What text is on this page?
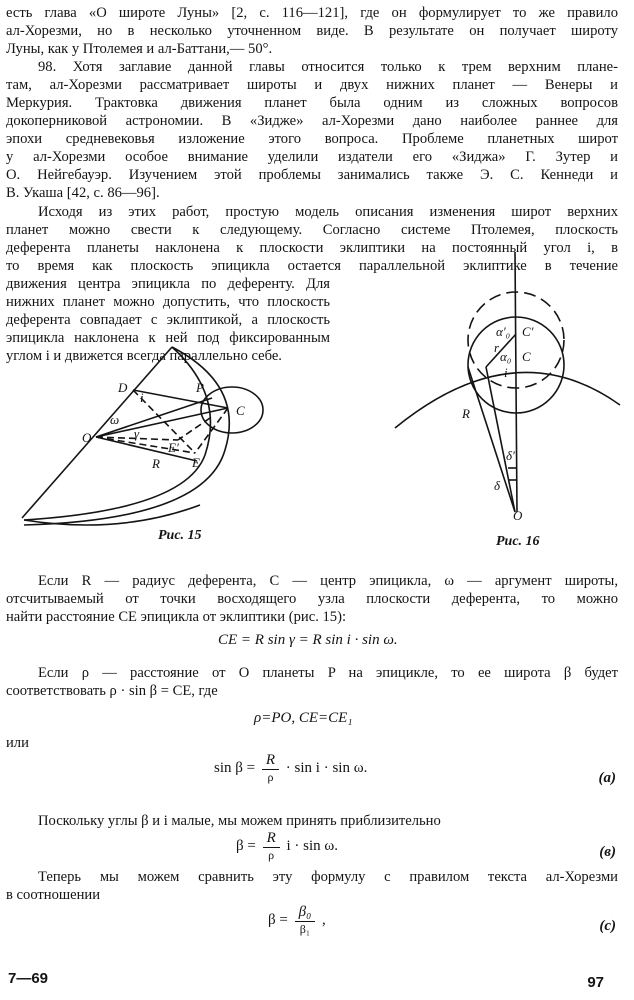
есть глава «О широте Луны» [2, с. 116—121], где он формулирует то же правило
ал-Хорезми, но в несколько уточненном виде. В результате он получает широту
Луны, как у Птолемея и ал-Баттани,— 50°.
98. Хотя заглавие данной главы относится только к трем верхним плане-
там, ал-Хорезми рассматривает широты и двух нижних планет — Венеры и
Меркурия. Трактовка движения планет была одним из сложных вопросов
докоперниковой астрономии. В «Зидже» ал-Хорезми дано наиболее раннее для
эпохи средневековья изложение этого вопроса. Проблеме планетных широт
у ал-Хорезми особое внимание уделили издатели его «Зиджа» Г. Зутер и
О. Нейгебауэр. Изучением этой проблемы занимались также Э. С. Кеннеди и
В. Укаша [42, с. 86—96].
Исходя из этих работ, простую модель описания изменения широт верхних
планет можно свести к следующему. Согласно системе Птолемея, плоскость
деферента планеты наклонена к плоскости эклиптики на постоянный угол i, в
то время как плоскость эпицикла остается параллельной эклиптике в течение
движения центра эпицикла по деференту. Для
нижних планет можно допустить, что плоскость
деферента совпадает с эклиптикой, а плоскость
эпицикла наклонена к ней под фиксированным
углом i и движется всегда параллельно себе.
D	P
C
O
ω
i
γ
E′
E
R
Рис. 15
α′₀ C′
r
α₀ C
i
R
δ′
δ
O
Рис. 16
Если R — радиус деферента, C — центр эпицикла, ω — аргумент широты,
отсчитываемый от точки восходящего узла плоскости деферента, то можно
найти расстояние CE эпицикла от эклиптики (рис. 15):
CE = R sin γ = R sin i · sin ω.
Если ρ — расстояние от O планеты P на эпицикле, то ее широта β будет
соответствовать ρ · sin β = CE, где
ρ=PO, CE=CE₁
или
$\sin \beta = \frac{R}{\rho} \cdot \sin i \cdot \sin \omega$.
(a)
Поскольку углы β и i малые, мы можем принять приблизительно
$\beta = \frac{R}{\rho}$ i · sin ω.	(в)
Теперь мы можем сравнить эту формулу с правилом текста ал-Хорезми
в соотношении
$\beta = \frac{\text{β₀}}{\text{β₁}}$ ,	(c)
7—69	97
